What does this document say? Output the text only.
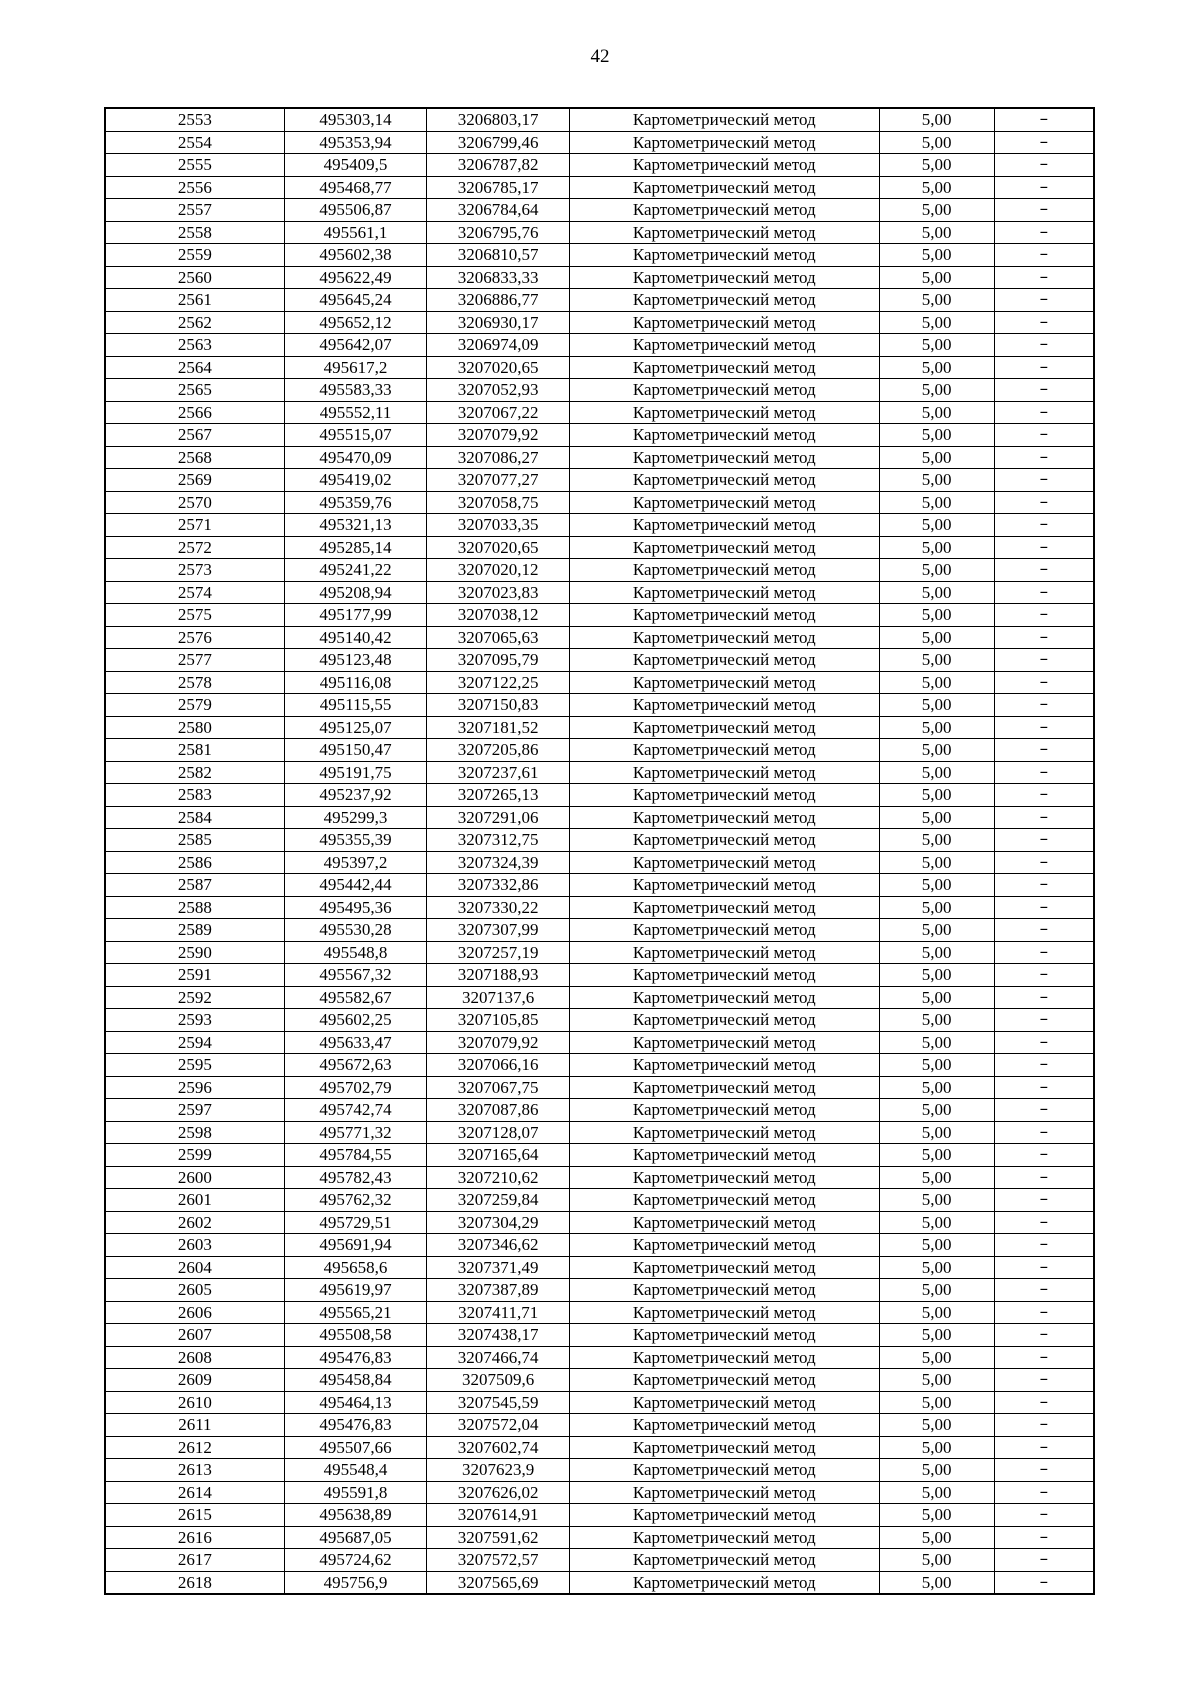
42
2553	495303,14	3206803,17	Картометрический метод	5,00	–
2554	495353,94	3206799,46	Картометрический метод	5,00	–
2555	495409,5	3206787,82	Картометрический метод	5,00	–
2556	495468,77	3206785,17	Картометрический метод	5,00	–
2557	495506,87	3206784,64	Картометрический метод	5,00	–
2558	495561,1	3206795,76	Картометрический метод	5,00	–
2559	495602,38	3206810,57	Картометрический метод	5,00	–
2560	495622,49	3206833,33	Картометрический метод	5,00	–
2561	495645,24	3206886,77	Картометрический метод	5,00	–
2562	495652,12	3206930,17	Картометрический метод	5,00	–
2563	495642,07	3206974,09	Картометрический метод	5,00	–
2564	495617,2	3207020,65	Картометрический метод	5,00	–
2565	495583,33	3207052,93	Картометрический метод	5,00	–
2566	495552,11	3207067,22	Картометрический метод	5,00	–
2567	495515,07	3207079,92	Картометрический метод	5,00	–
2568	495470,09	3207086,27	Картометрический метод	5,00	–
2569	495419,02	3207077,27	Картометрический метод	5,00	–
2570	495359,76	3207058,75	Картометрический метод	5,00	–
2571	495321,13	3207033,35	Картометрический метод	5,00	–
2572	495285,14	3207020,65	Картометрический метод	5,00	–
2573	495241,22	3207020,12	Картометрический метод	5,00	–
2574	495208,94	3207023,83	Картометрический метод	5,00	–
2575	495177,99	3207038,12	Картометрический метод	5,00	–
2576	495140,42	3207065,63	Картометрический метод	5,00	–
2577	495123,48	3207095,79	Картометрический метод	5,00	–
2578	495116,08	3207122,25	Картометрический метод	5,00	–
2579	495115,55	3207150,83	Картометрический метод	5,00	–
2580	495125,07	3207181,52	Картометрический метод	5,00	–
2581	495150,47	3207205,86	Картометрический метод	5,00	–
2582	495191,75	3207237,61	Картометрический метод	5,00	–
2583	495237,92	3207265,13	Картометрический метод	5,00	–
2584	495299,3	3207291,06	Картометрический метод	5,00	–
2585	495355,39	3207312,75	Картометрический метод	5,00	–
2586	495397,2	3207324,39	Картометрический метод	5,00	–
2587	495442,44	3207332,86	Картометрический метод	5,00	–
2588	495495,36	3207330,22	Картометрический метод	5,00	–
2589	495530,28	3207307,99	Картометрический метод	5,00	–
2590	495548,8	3207257,19	Картометрический метод	5,00	–
2591	495567,32	3207188,93	Картометрический метод	5,00	–
2592	495582,67	3207137,6	Картометрический метод	5,00	–
2593	495602,25	3207105,85	Картометрический метод	5,00	–
2594	495633,47	3207079,92	Картометрический метод	5,00	–
2595	495672,63	3207066,16	Картометрический метод	5,00	–
2596	495702,79	3207067,75	Картометрический метод	5,00	–
2597	495742,74	3207087,86	Картометрический метод	5,00	–
2598	495771,32	3207128,07	Картометрический метод	5,00	–
2599	495784,55	3207165,64	Картометрический метод	5,00	–
2600	495782,43	3207210,62	Картометрический метод	5,00	–
2601	495762,32	3207259,84	Картометрический метод	5,00	–
2602	495729,51	3207304,29	Картометрический метод	5,00	–
2603	495691,94	3207346,62	Картометрический метод	5,00	–
2604	495658,6	3207371,49	Картометрический метод	5,00	–
2605	495619,97	3207387,89	Картометрический метод	5,00	–
2606	495565,21	3207411,71	Картометрический метод	5,00	–
2607	495508,58	3207438,17	Картометрический метод	5,00	–
2608	495476,83	3207466,74	Картометрический метод	5,00	–
2609	495458,84	3207509,6	Картометрический метод	5,00	–
2610	495464,13	3207545,59	Картометрический метод	5,00	–
2611	495476,83	3207572,04	Картометрический метод	5,00	–
2612	495507,66	3207602,74	Картометрический метод	5,00	–
2613	495548,4	3207623,9	Картометрический метод	5,00	–
2614	495591,8	3207626,02	Картометрический метод	5,00	–
2615	495638,89	3207614,91	Картометрический метод	5,00	–
2616	495687,05	3207591,62	Картометрический метод	5,00	–
2617	495724,62	3207572,57	Картометрический метод	5,00	–
2618	495756,9	3207565,69	Картометрический метод	5,00	–
